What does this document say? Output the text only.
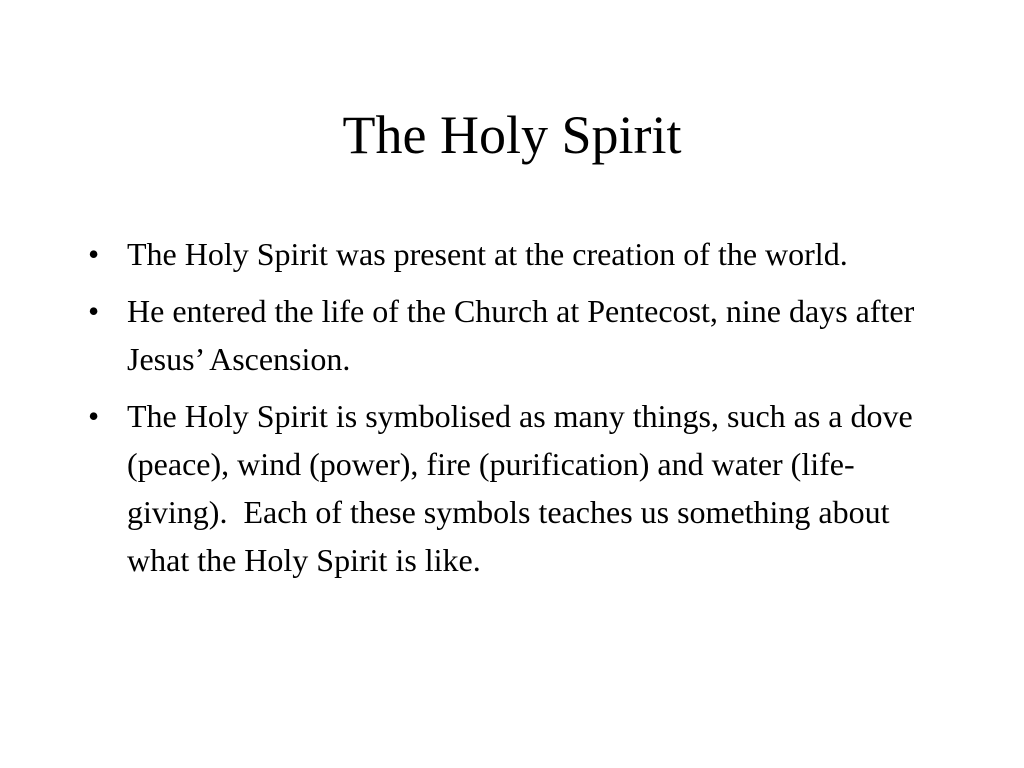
The Holy Spirit
• The Holy Spirit was present at the creation of the world.
• He entered the life of the Church at Pentecost, nine days after Jesus’ Ascension.
• The Holy Spirit is symbolised as many things, such as a dove (peace), wind (power), fire (purification) and water (life-giving).  Each of these symbols teaches us something about what the Holy Spirit is like.
